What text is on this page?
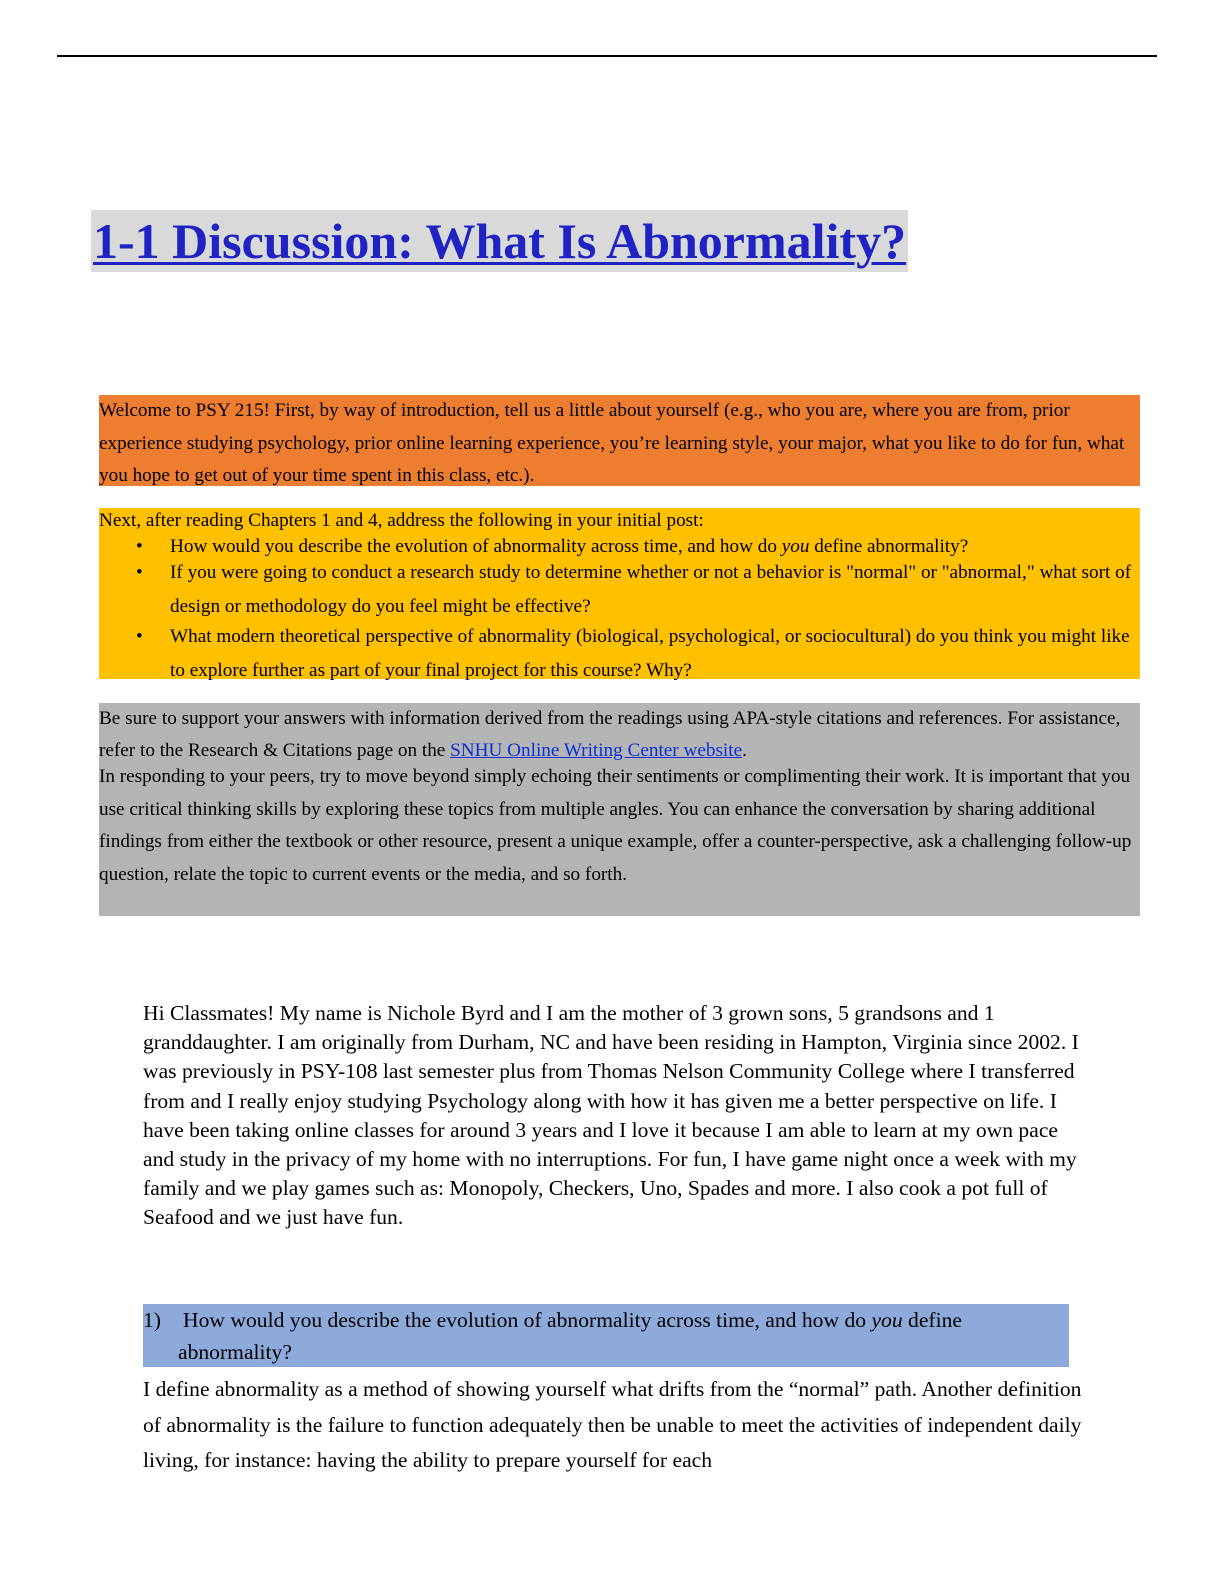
1-1 Discussion: What Is Abnormality?

Welcome to PSY 215! First, by way of introduction, tell us a little about yourself (e.g., who you are, where you are from, prior experience studying psychology, prior online learning experience, you’re learning style, your major, what you like to do for fun, what you hope to get out of your time spent in this class, etc.).

Next, after reading Chapters 1 and 4, address the following in your initial post:
• How would you describe the evolution of abnormality across time, and how do you define abnormality?
• If you were going to conduct a research study to determine whether or not a behavior is "normal" or "abnormal," what sort of design or methodology do you feel might be effective?
• What modern theoretical perspective of abnormality (biological, psychological, or sociocultural) do you think you might like to explore further as part of your final project for this course? Why?

Be sure to support your answers with information derived from the readings using APA-style citations and references. For assistance, refer to the Research & Citations page on the SNHU Online Writing Center website.

In responding to your peers, try to move beyond simply echoing their sentiments or complimenting their work. It is important that you use critical thinking skills by exploring these topics from multiple angles. You can enhance the conversation by sharing additional findings from either the textbook or other resource, present a unique example, offer a counter-perspective, ask a challenging follow-up question, relate the topic to current events or the media, and so forth.

Hi Classmates! My name is Nichole Byrd and I am the mother of 3 grown sons, 5 grandsons and 1 granddaughter. I am originally from Durham, NC and have been residing in Hampton, Virginia since 2002. I was previously in PSY-108 last semester plus from Thomas Nelson Community College where I transferred from and I really enjoy studying Psychology along with how it has given me a better perspective on life. I have been taking online classes for around 3 years and I love it because I am able to learn at my own pace and study in the privacy of my home with no interruptions. For fun, I have game night once a week with my family and we play games such as: Monopoly, Checkers, Uno, Spades and more. I also cook a pot full of Seafood and we just have fun.

1) How would you describe the evolution of abnormality across time, and how do you define
abnormality?

I define abnormality as a method of showing yourself what drifts from the “normal” path. Another definition of abnormality is the failure to function adequately then be unable to meet the activities of independent daily living, for instance: having the ability to prepare yourself for each
